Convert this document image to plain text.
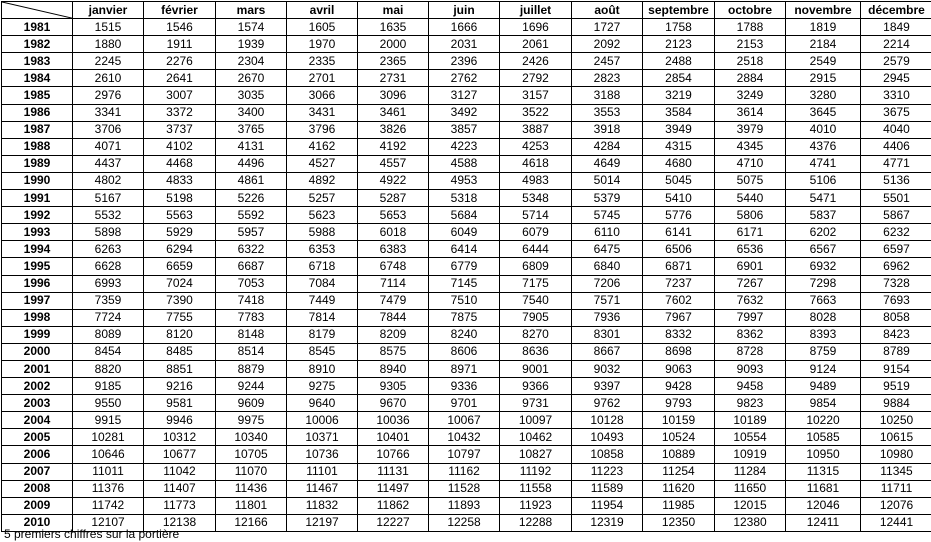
	janvier	février	mars	avril	mai	juin	juillet	août	septembre	octobre	novembre	décembre
1981	1515	1546	1574	1605	1635	1666	1696	1727	1758	1788	1819	1849
1982	1880	1911	1939	1970	2000	2031	2061	2092	2123	2153	2184	2214
1983	2245	2276	2304	2335	2365	2396	2426	2457	2488	2518	2549	2579
1984	2610	2641	2670	2701	2731	2762	2792	2823	2854	2884	2915	2945
1985	2976	3007	3035	3066	3096	3127	3157	3188	3219	3249	3280	3310
1986	3341	3372	3400	3431	3461	3492	3522	3553	3584	3614	3645	3675
1987	3706	3737	3765	3796	3826	3857	3887	3918	3949	3979	4010	4040
1988	4071	4102	4131	4162	4192	4223	4253	4284	4315	4345	4376	4406
1989	4437	4468	4496	4527	4557	4588	4618	4649	4680	4710	4741	4771
1990	4802	4833	4861	4892	4922	4953	4983	5014	5045	5075	5106	5136
1991	5167	5198	5226	5257	5287	5318	5348	5379	5410	5440	5471	5501
1992	5532	5563	5592	5623	5653	5684	5714	5745	5776	5806	5837	5867
1993	5898	5929	5957	5988	6018	6049	6079	6110	6141	6171	6202	6232
1994	6263	6294	6322	6353	6383	6414	6444	6475	6506	6536	6567	6597
1995	6628	6659	6687	6718	6748	6779	6809	6840	6871	6901	6932	6962
1996	6993	7024	7053	7084	7114	7145	7175	7206	7237	7267	7298	7328
1997	7359	7390	7418	7449	7479	7510	7540	7571	7602	7632	7663	7693
1998	7724	7755	7783	7814	7844	7875	7905	7936	7967	7997	8028	8058
1999	8089	8120	8148	8179	8209	8240	8270	8301	8332	8362	8393	8423
2000	8454	8485	8514	8545	8575	8606	8636	8667	8698	8728	8759	8789
2001	8820	8851	8879	8910	8940	8971	9001	9032	9063	9093	9124	9154
2002	9185	9216	9244	9275	9305	9336	9366	9397	9428	9458	9489	9519
2003	9550	9581	9609	9640	9670	9701	9731	9762	9793	9823	9854	9884
2004	9915	9946	9975	10006	10036	10067	10097	10128	10159	10189	10220	10250
2005	10281	10312	10340	10371	10401	10432	10462	10493	10524	10554	10585	10615
2006	10646	10677	10705	10736	10766	10797	10827	10858	10889	10919	10950	10980
2007	11011	11042	11070	11101	11131	11162	11192	11223	11254	11284	11315	11345
2008	11376	11407	11436	11467	11497	11528	11558	11589	11620	11650	11681	11711
2009	11742	11773	11801	11832	11862	11893	11923	11954	11985	12015	12046	12076
2010	12107	12138	12166	12197	12227	12258	12288	12319	12350	12380	12411	12441
5 premiers chiffres sur la portière
